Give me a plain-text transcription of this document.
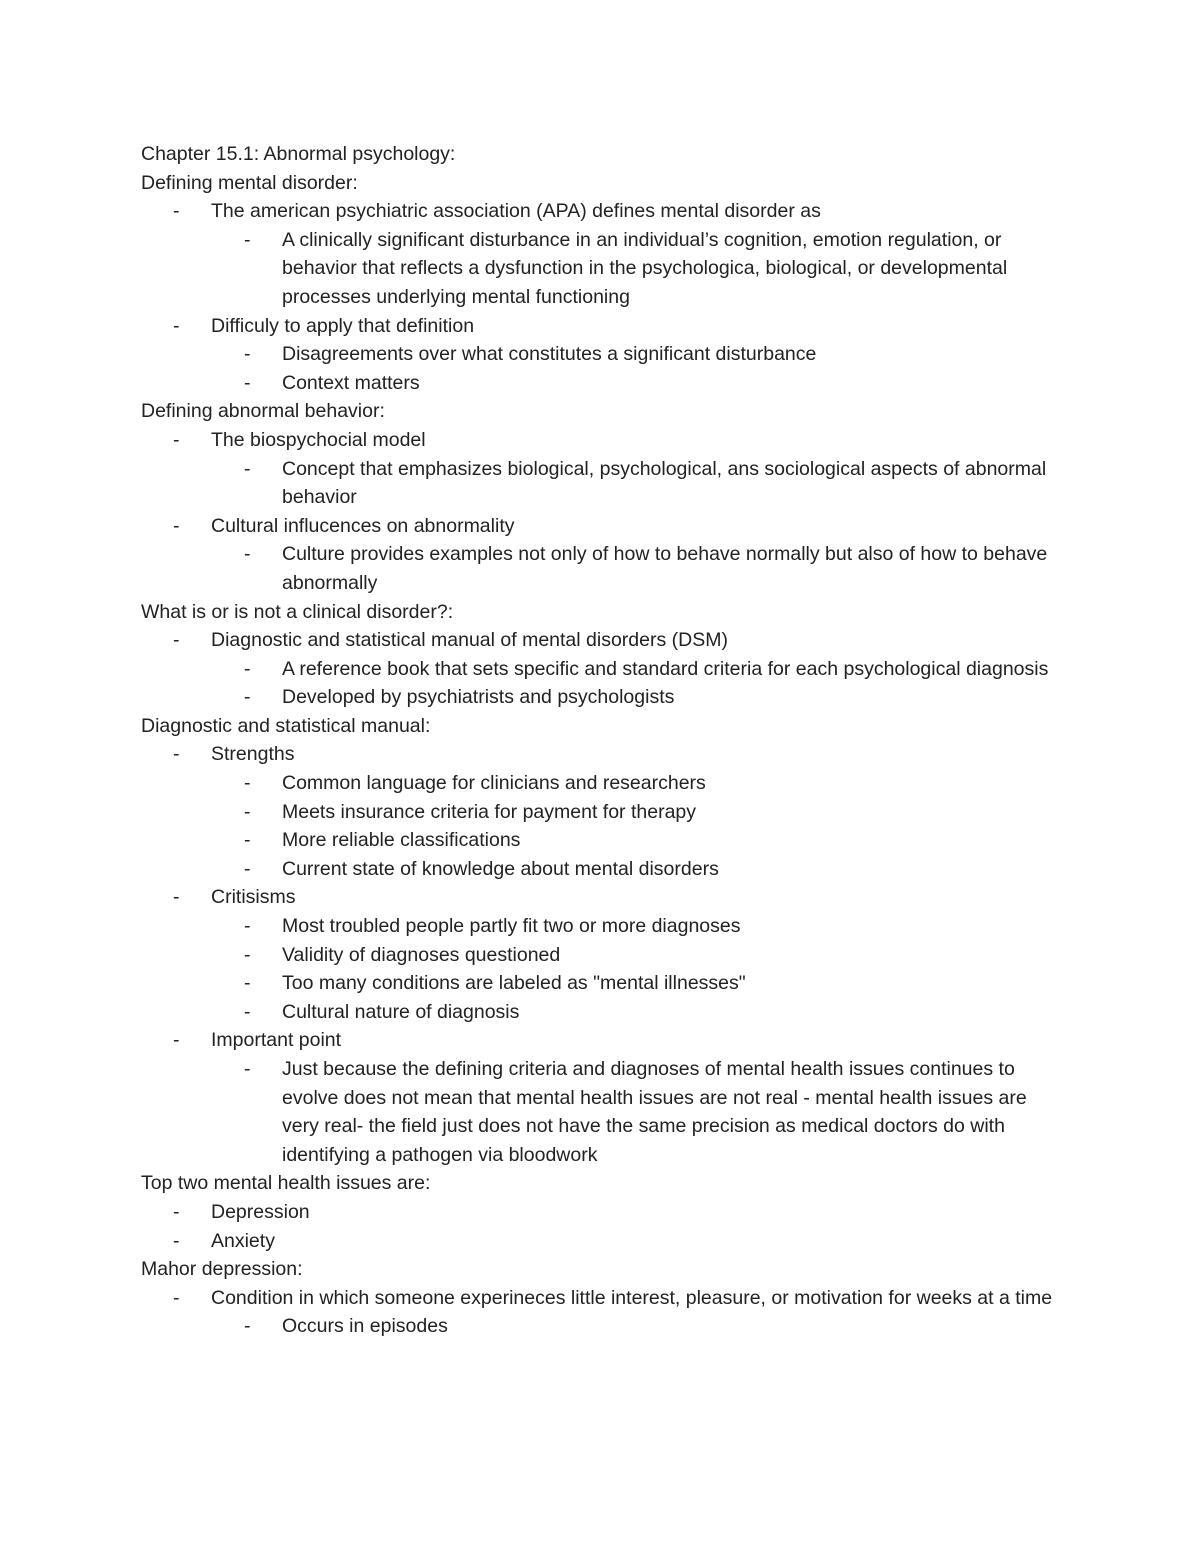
Chapter 15.1: Abnormal psychology:
Defining mental disorder:
-	The american psychiatric association (APA) defines mental disorder as
-	A clinically significant disturbance in an individual’s cognition, emotion regulation, or behavior that reflects a dysfunction in the psychologica, biological, or developmental processes underlying mental functioning
-	Difficuly to apply that definition
-	Disagreements over what constitutes a significant disturbance
-	Context matters
Defining abnormal behavior:
-	The biospychocial model
-	Concept that emphasizes biological, psychological, ans sociological aspects of abnormal behavior
-	Cultural influcences on abnormality
-	Culture provides examples not only of how to behave normally but also of how to behave abnormally
What is or is not a clinical disorder?:
-	Diagnostic and statistical manual of mental disorders (DSM)
-	A reference book that sets specific and standard criteria for each psychological diagnosis
-	Developed by psychiatrists and psychologists
Diagnostic and statistical manual:
-	Strengths
-	Common language for clinicians and researchers
-	Meets insurance criteria for payment for therapy
-	More reliable classifications
-	Current state of knowledge about mental disorders
-	Critisisms
-	Most troubled people partly fit two or more diagnoses
-	Validity of diagnoses questioned
-	Too many conditions are labeled as "mental illnesses"
-	Cultural nature of diagnosis
-	Important point
-	Just because the defining criteria and diagnoses of mental health issues continues to evolve does not mean that mental health issues are not real - mental health issues are very real- the field just does not have the same precision as medical doctors do with identifying a pathogen via bloodwork
Top two mental health issues are:
-	Depression
-	Anxiety
Mahor depression:
-	Condition in which someone experineces little interest, pleasure, or motivation for weeks at a time
-	Occurs in episodes
